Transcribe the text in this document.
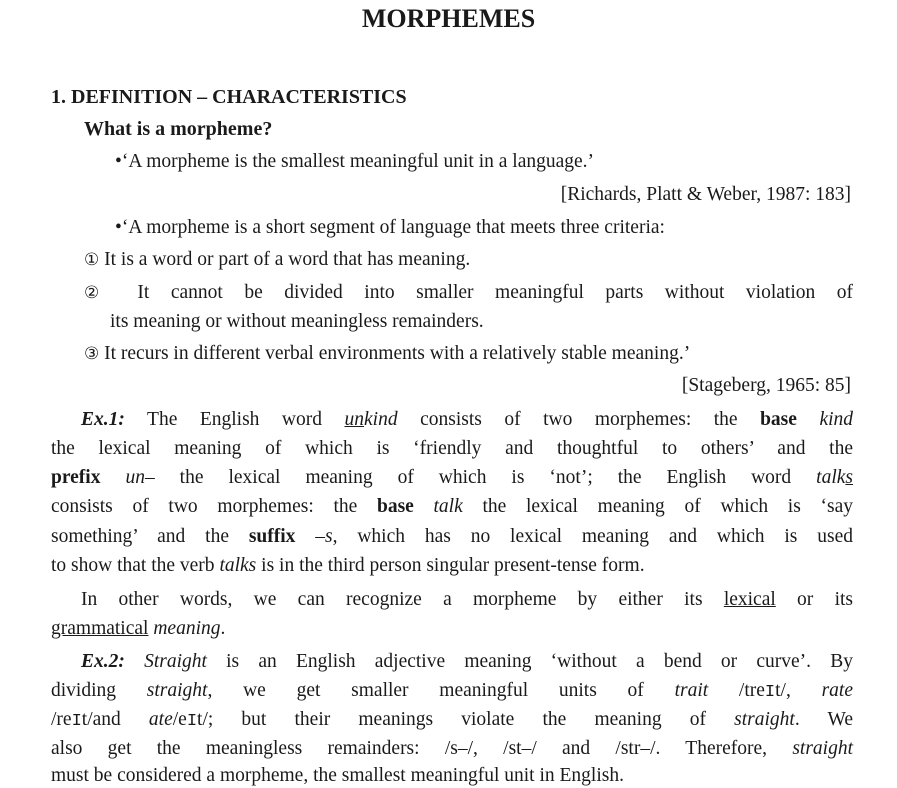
MORPHEMES
1. DEFINITION – CHARACTERISTICS
What is a morpheme?
•‘A morpheme is the smallest meaningful unit in a language.’
[Richards, Platt & Weber, 1987: 183]
•‘A morpheme is a short segment of language that meets three criteria:
① It is a word or part of a word that has meaning.
② It cannot be divided into smaller meaningful parts without violation of
its meaning or without meaningless remainders.
③ It recurs in different verbal environments with a relatively stable meaning.’
[Stageberg, 1965: 85]
Ex.1: The English word unkind consists of two morphemes: the base kind
the lexical meaning of which is ‘friendly and thoughtful to others’ and the
prefix un– the lexical meaning of which is ‘not’; the English word talks
consists of two morphemes: the base talk the lexical meaning of which is ‘say
something’ and the suffix –s, which has no lexical meaning and which is used
to show that the verb talks is in the third person singular present-tense form.
In other words, we can recognize a morpheme by either its lexical or its
grammatical meaning.
Ex.2: Straight is an English adjective meaning ‘without a bend or curve’. By
dividing straight, we get smaller meaningful units of trait /treIt/, rate
/reIt/and ate/eIt/; but their meanings violate the meaning of straight. We
also get the meaningless remainders: /s–/, /st–/ and /str–/. Therefore, straight
must be considered a morpheme, the smallest meaningful unit in English.
